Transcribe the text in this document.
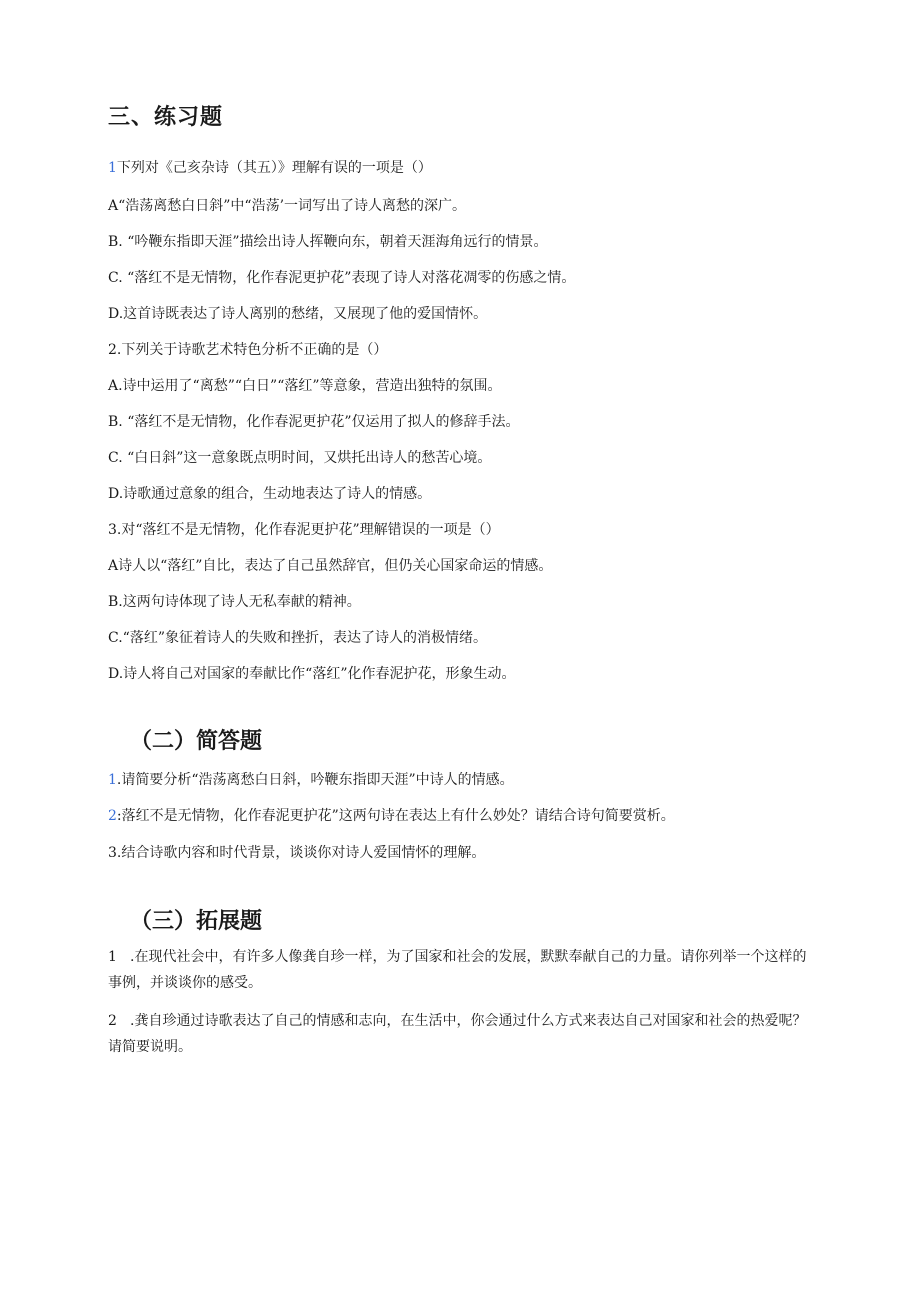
三、练习题
1下列对《己亥杂诗（其五）》理解有误的一项是（）
A“浩荡离愁白日斜”中“浩荡’一词写出了诗人离愁的深广。
B. “吟鞭东指即天涯”描绘出诗人挥鞭向东，朝着天涯海角远行的情景。
C. “落红不是无情物，化作春泥更护花”表现了诗人对落花凋零的伤感之情。
D.这首诗既表达了诗人离别的愁绪，又展现了他的爱国情怀。
2.下列关于诗歌艺术特色分析不正确的是（）
A.诗中运用了“离愁”“白日”“落红”等意象，营造出独特的氛围。
B. “落红不是无情物，化作春泥更护花”仅运用了拟人的修辞手法。
C. “白日斜”这一意象既点明时间，又烘托出诗人的愁苦心境。
D.诗歌通过意象的组合，生动地表达了诗人的情感。
3.对“落红不是无情物，化作春泥更护花”理解错误的一项是（）
A诗人以“落红”自比，表达了自己虽然辞官，但仍关心国家命运的情感。
B.这两句诗体现了诗人无私奉献的精神。
C.“落红”象征着诗人的失败和挫折，表达了诗人的消极情绪。
D.诗人将自己对国家的奉献比作“落红”化作春泥护花，形象生动。
（二）简答题
1.请简要分析“浩荡离愁白日斜，吟鞭东指即天涯”中诗人的情感。
2:落红不是无情物，化作春泥更护花”这两句诗在表达上有什么妙处？请结合诗句简要赏析。
3.结合诗歌内容和时代背景，谈谈你对诗人爱国情怀的理解。
（三）拓展题
1 .在现代社会中，有许多人像龚自珍一样，为了国家和社会的发展，默默奉献自己的力量。请你列举一个这样的事例，并谈谈你的感受。
2 .龚自珍通过诗歌表达了自己的情感和志向，在生活中，你会通过什么方式来表达自己对国家和社会的热爱呢？请简要说明。
